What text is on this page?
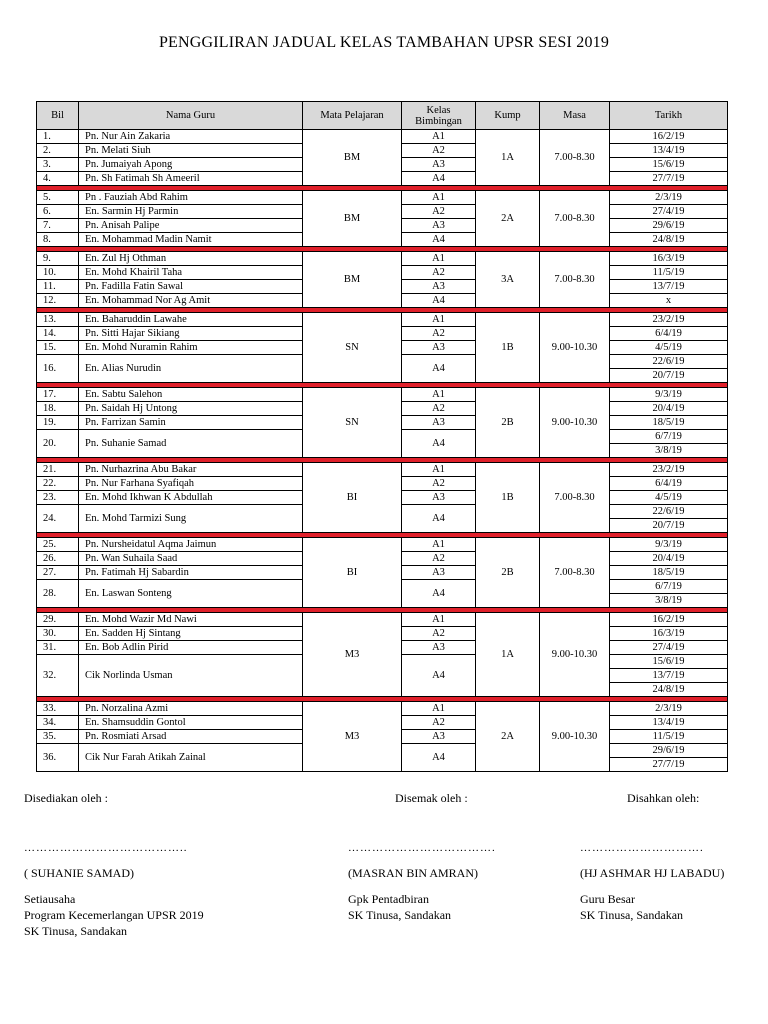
PENGGILIRAN JADUAL KELAS TAMBAHAN UPSR SESI 2019
Bil	Nama Guru	Mata Pelajaran	Kelas Bimbingan	Kump	Masa	Tarikh
1.	Pn. Nur Ain Zakaria	BM	A1	1A	7.00-8.30	16/2/19
2.	Pn. Melati Siuh		A2			13/4/19
3.	Pn. Jumaiyah Apong		A3			15/6/19
4.	Pn. Sh Fatimah Sh Ameeril		A4			27/7/19

5.	Pn . Fauziah Abd Rahim	BM	A1	2A	7.00-8.30	2/3/19
6.	En. Sarmin Hj Parmin		A2			27/4/19
7.	Pn. Anisah Palipe		A3			29/6/19
8.	En. Mohammad Madin Namit		A4			24/8/19

9.	En. Zul Hj Othman	BM	A1	3A	7.00-8.30	16/3/19
10.	En. Mohd Khairil Taha		A2			11/5/19
11.	Pn. Fadilla Fatin Sawal		A3			13/7/19
12.	En. Mohammad Nor Ag Amit		A4			x

13.	En. Baharuddin Lawahe	SN	A1	1B	9.00-10.30	23/2/19
14.	Pn. Sitti Hajar Sikiang		A2			6/4/19
15.	En. Mohd Nuramin Rahim		A3			4/5/19
16.	En. Alias Nurudin		A4			22/6/19
						20/7/19

17.	En. Sabtu Salehon	SN	A1	2B	9.00-10.30	9/3/19
18.	Pn. Saidah Hj Untong		A2			20/4/19
19.	Pn. Farrizan Samin		A3			18/5/19
20.	Pn. Suhanie Samad		A4			6/7/19
						3/8/19

21.	Pn. Nurhazrina Abu Bakar	BI	A1	1B	7.00-8.30	23/2/19
22.	Pn. Nur Farhana Syafiqah		A2			6/4/19
23.	En. Mohd Ikhwan K Abdullah		A3			4/5/19
24.	En. Mohd Tarmizi Sung		A4			22/6/19
						20/7/19

25.	Pn. Nursheidatul Aqma Jaimun	BI	A1	2B	7.00-8.30	9/3/19
26.	Pn. Wan Suhaila Saad		A2			20/4/19
27.	Pn. Fatimah Hj Sabardin		A3			18/5/19
28.	En. Laswan Sonteng		A4			6/7/19
						3/8/19

29.	En. Mohd Wazir Md Nawi	M3	A1	1A	9.00-10.30	16/2/19
30.	En. Sadden Hj Sintang		A2			16/3/19
31.	En. Bob Adlin Pirid		A3			27/4/19
32.	Cik Norlinda Usman		A4			15/6/19
						13/7/19
						24/8/19

33.	Pn. Norzalina Azmi	M3	A1	2A	9.00-10.30	2/3/19
34.	En. Shamsuddin Gontol		A2			13/4/19
35.	Pn. Rosmiati Arsad		A3			11/5/19
36.	Cik Nur Farah Atikah Zainal		A4			29/6/19
						27/7/19
Disediakan oleh :	Disemak oleh :	Disahkan oleh:
…………………………………..	……………………………….	………………………….
( SUHANIE SAMAD)	(MASRAN BIN AMRAN)	(HJ ASHMAR HJ LABADU)
Setiausaha
Program Kecemerlangan UPSR 2019
SK Tinusa, Sandakan
Gpk Pentadbiran
SK Tinusa, Sandakan
Guru Besar
SK Tinusa, Sandakan
